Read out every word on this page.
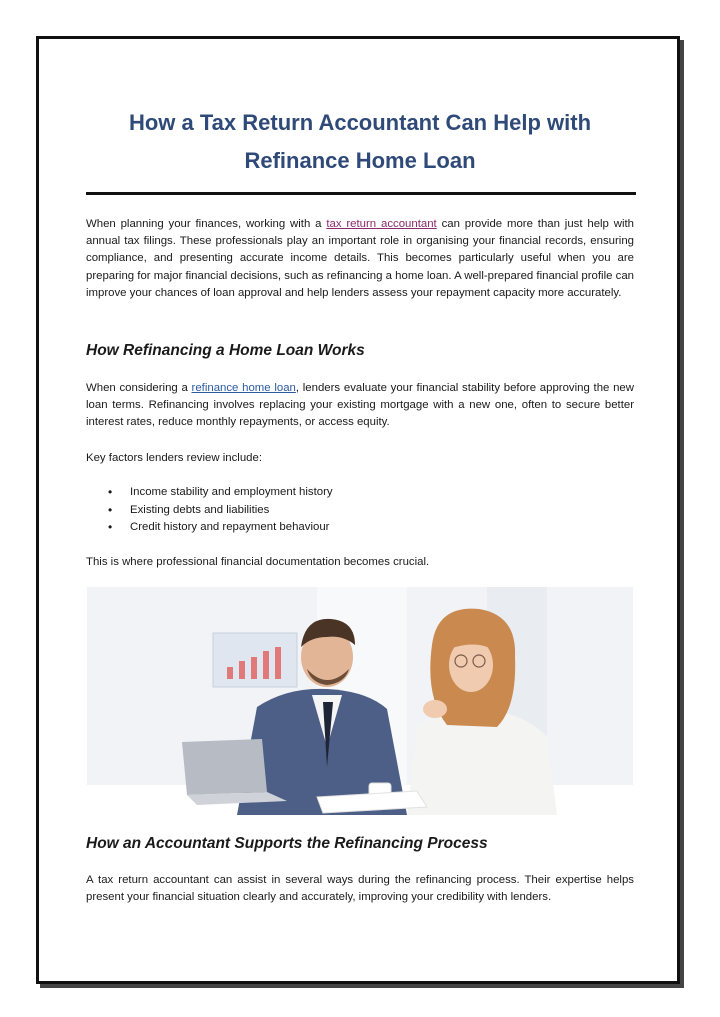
How a Tax Return Accountant Can Help with
Refinance Home Loan

When planning your finances, working with a tax return accountant can provide more than just help with annual tax filings. These professionals play an important role in organising your financial records, ensuring compliance, and presenting accurate income details. This becomes particularly useful when you are preparing for major financial decisions, such as refinancing a home loan. A well-prepared financial profile can improve your chances of loan approval and help lenders assess your repayment capacity more accurately.

How Refinancing a Home Loan Works

When considering a refinance home loan, lenders evaluate your financial stability before approving the new loan terms. Refinancing involves replacing your existing mortgage with a new one, often to secure better interest rates, reduce monthly repayments, or access equity.

Key factors lenders review include:

• Income stability and employment history
• Existing debts and liabilities
• Credit history and repayment behaviour

This is where professional financial documentation becomes crucial.

How an Accountant Supports the Refinancing Process

A tax return accountant can assist in several ways during the refinancing process. Their expertise helps present your financial situation clearly and accurately, improving your credibility with lenders.
